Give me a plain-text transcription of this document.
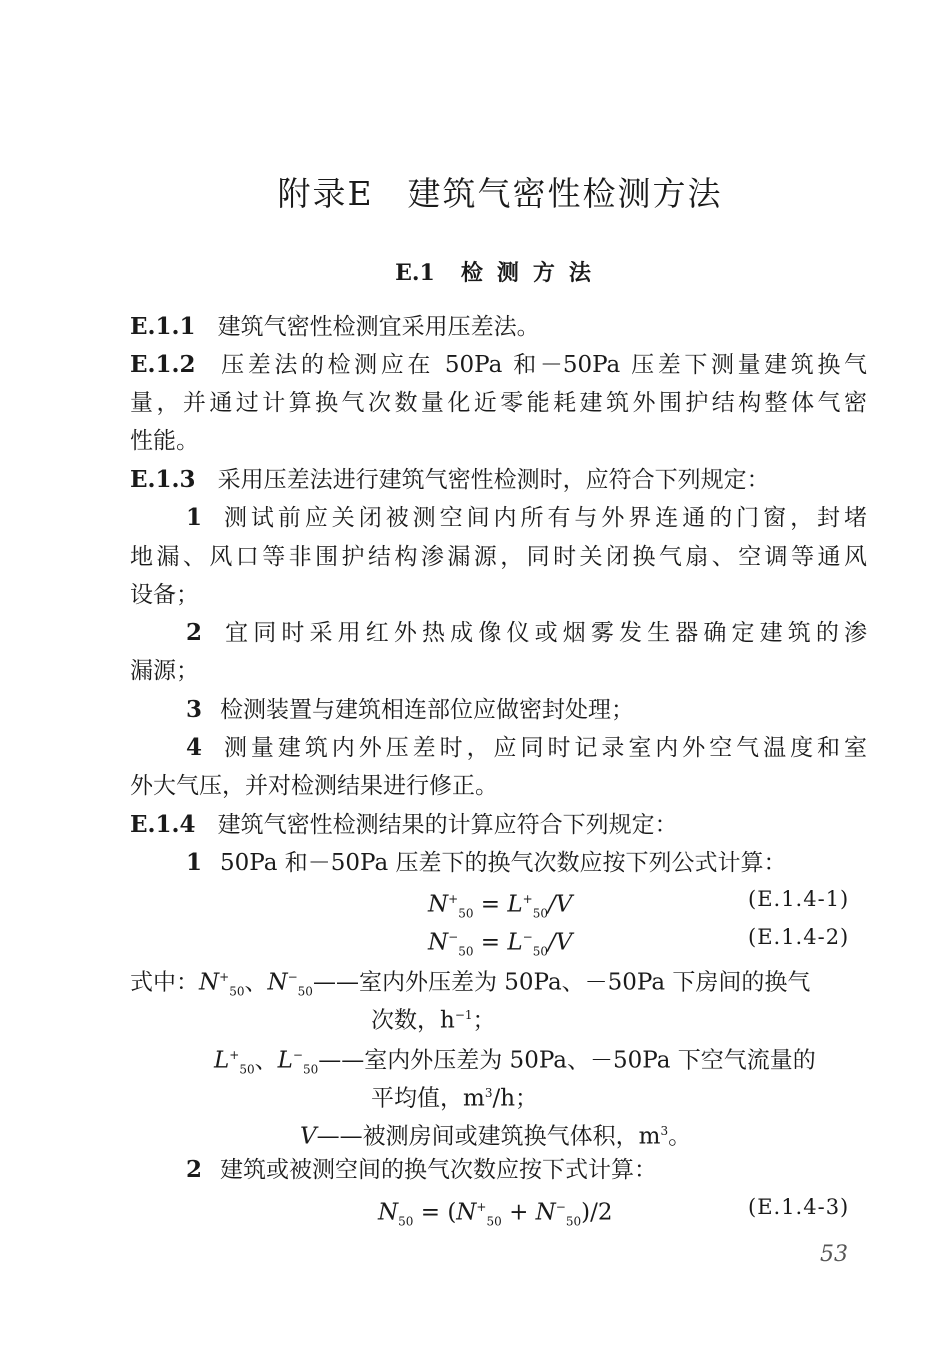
附录E 建筑气密性检测方法
E.1 检测方法
E.1.1 建筑气密性检测宜采用压差法。
E.1.2 压差法的检测应在 50Pa 和－50Pa 压差下测量建筑换气
量，并通过计算换气次数量化近零能耗建筑外围护结构整体气密
性能。
E.1.3 采用压差法进行建筑气密性检测时，应符合下列规定：
1 测试前应关闭被测空间内所有与外界连通的门窗，封堵
地漏、风口等非围护结构渗漏源，同时关闭换气扇、空调等通风
设备；
2 宜同时采用红外热成像仪或烟雾发生器确定建筑的渗
漏源；
3 检测装置与建筑相连部位应做密封处理；
4 测量建筑内外压差时，应同时记录室内外空气温度和室
外大气压，并对检测结果进行修正。
E.1.4 建筑气密性检测结果的计算应符合下列规定：
1 50Pa 和－50Pa 压差下的换气次数应按下列公式计算：
$N^+_{50} = L^+_{50}/V$	(E.1.4-1)
$N^-_{50} = L^-_{50}/V$	(E.1.4-2)
式中：$N^+_{50}$、$N^-_{50}——$室内外压差为 50Pa、－50Pa 下房间的换气
次数，$h^{-1}$；
$L^+_{50}$、$L^-_{50}——$室内外压差为 50Pa、－50Pa 下空气流量的
平均值，$m^3/h$；
V——被测房间或建筑换气体积，$m^3$。
2 建筑或被测空间的换气次数应按下式计算：
$N_{50} = (N^+_{50} + N^-_{50})/2$	(E.1.4-3)
53
